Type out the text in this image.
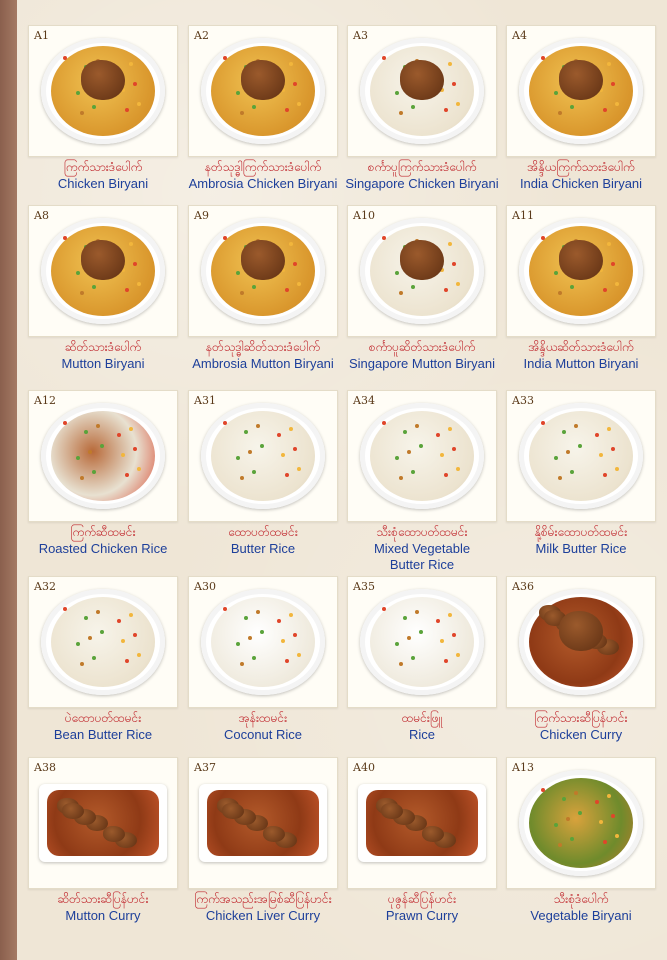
A1
ကြက်သားဒံပေါက်
Chicken Biryani
A2
နတ်သုဒ္ဓါကြက်သားဒံပေါက်
Ambrosia Chicken Biryani
A3
စင်္ကာပူကြက်သားဒံပေါက်
Singapore Chicken Biryani
A4
အိန္ဒိယကြက်သားဒံပေါက်
India Chicken Biryani
A8
ဆိတ်သားဒံပေါက်
Mutton Biryani
A9
နတ်သုဒ္ဓါဆိတ်သားဒံပေါက်
Ambrosia Mutton Biryani
A10
စင်္ကာပူဆိတ်သားဒံပေါက်
Singapore Mutton Biryani
A11
အိန္ဒိယဆိတ်သားဒံပေါက်
India Mutton Biryani
A12
ကြက်ဆီထမင်း
Roasted Chicken Rice
A31
ထောပတ်ထမင်း
Butter Rice
A34
သီးစုံထောပတ်ထမင်း
Mixed Vegetable Butter Rice
A33
နို့စိမ်းထောပတ်ထမင်း
Milk Butter Rice
A32
ပဲထောပတ်ထမင်း
Bean Butter Rice
A30
အုန်းထမင်း
Coconut Rice
A35
ထမင်းဖြူ
Rice
A36
ကြက်သားဆီပြန်ဟင်း
Chicken Curry
A38
ဆိတ်သားဆီပြန်ဟင်း
Mutton Curry
A37
ကြက်အသည်းအမြစ်ဆီပြန်ဟင်း
Chicken Liver Curry
A40
ပုဇွန်ဆီပြန်ဟင်း
Prawn Curry
A13
သီးစုံဒံပေါက်
Vegetable Biryani
